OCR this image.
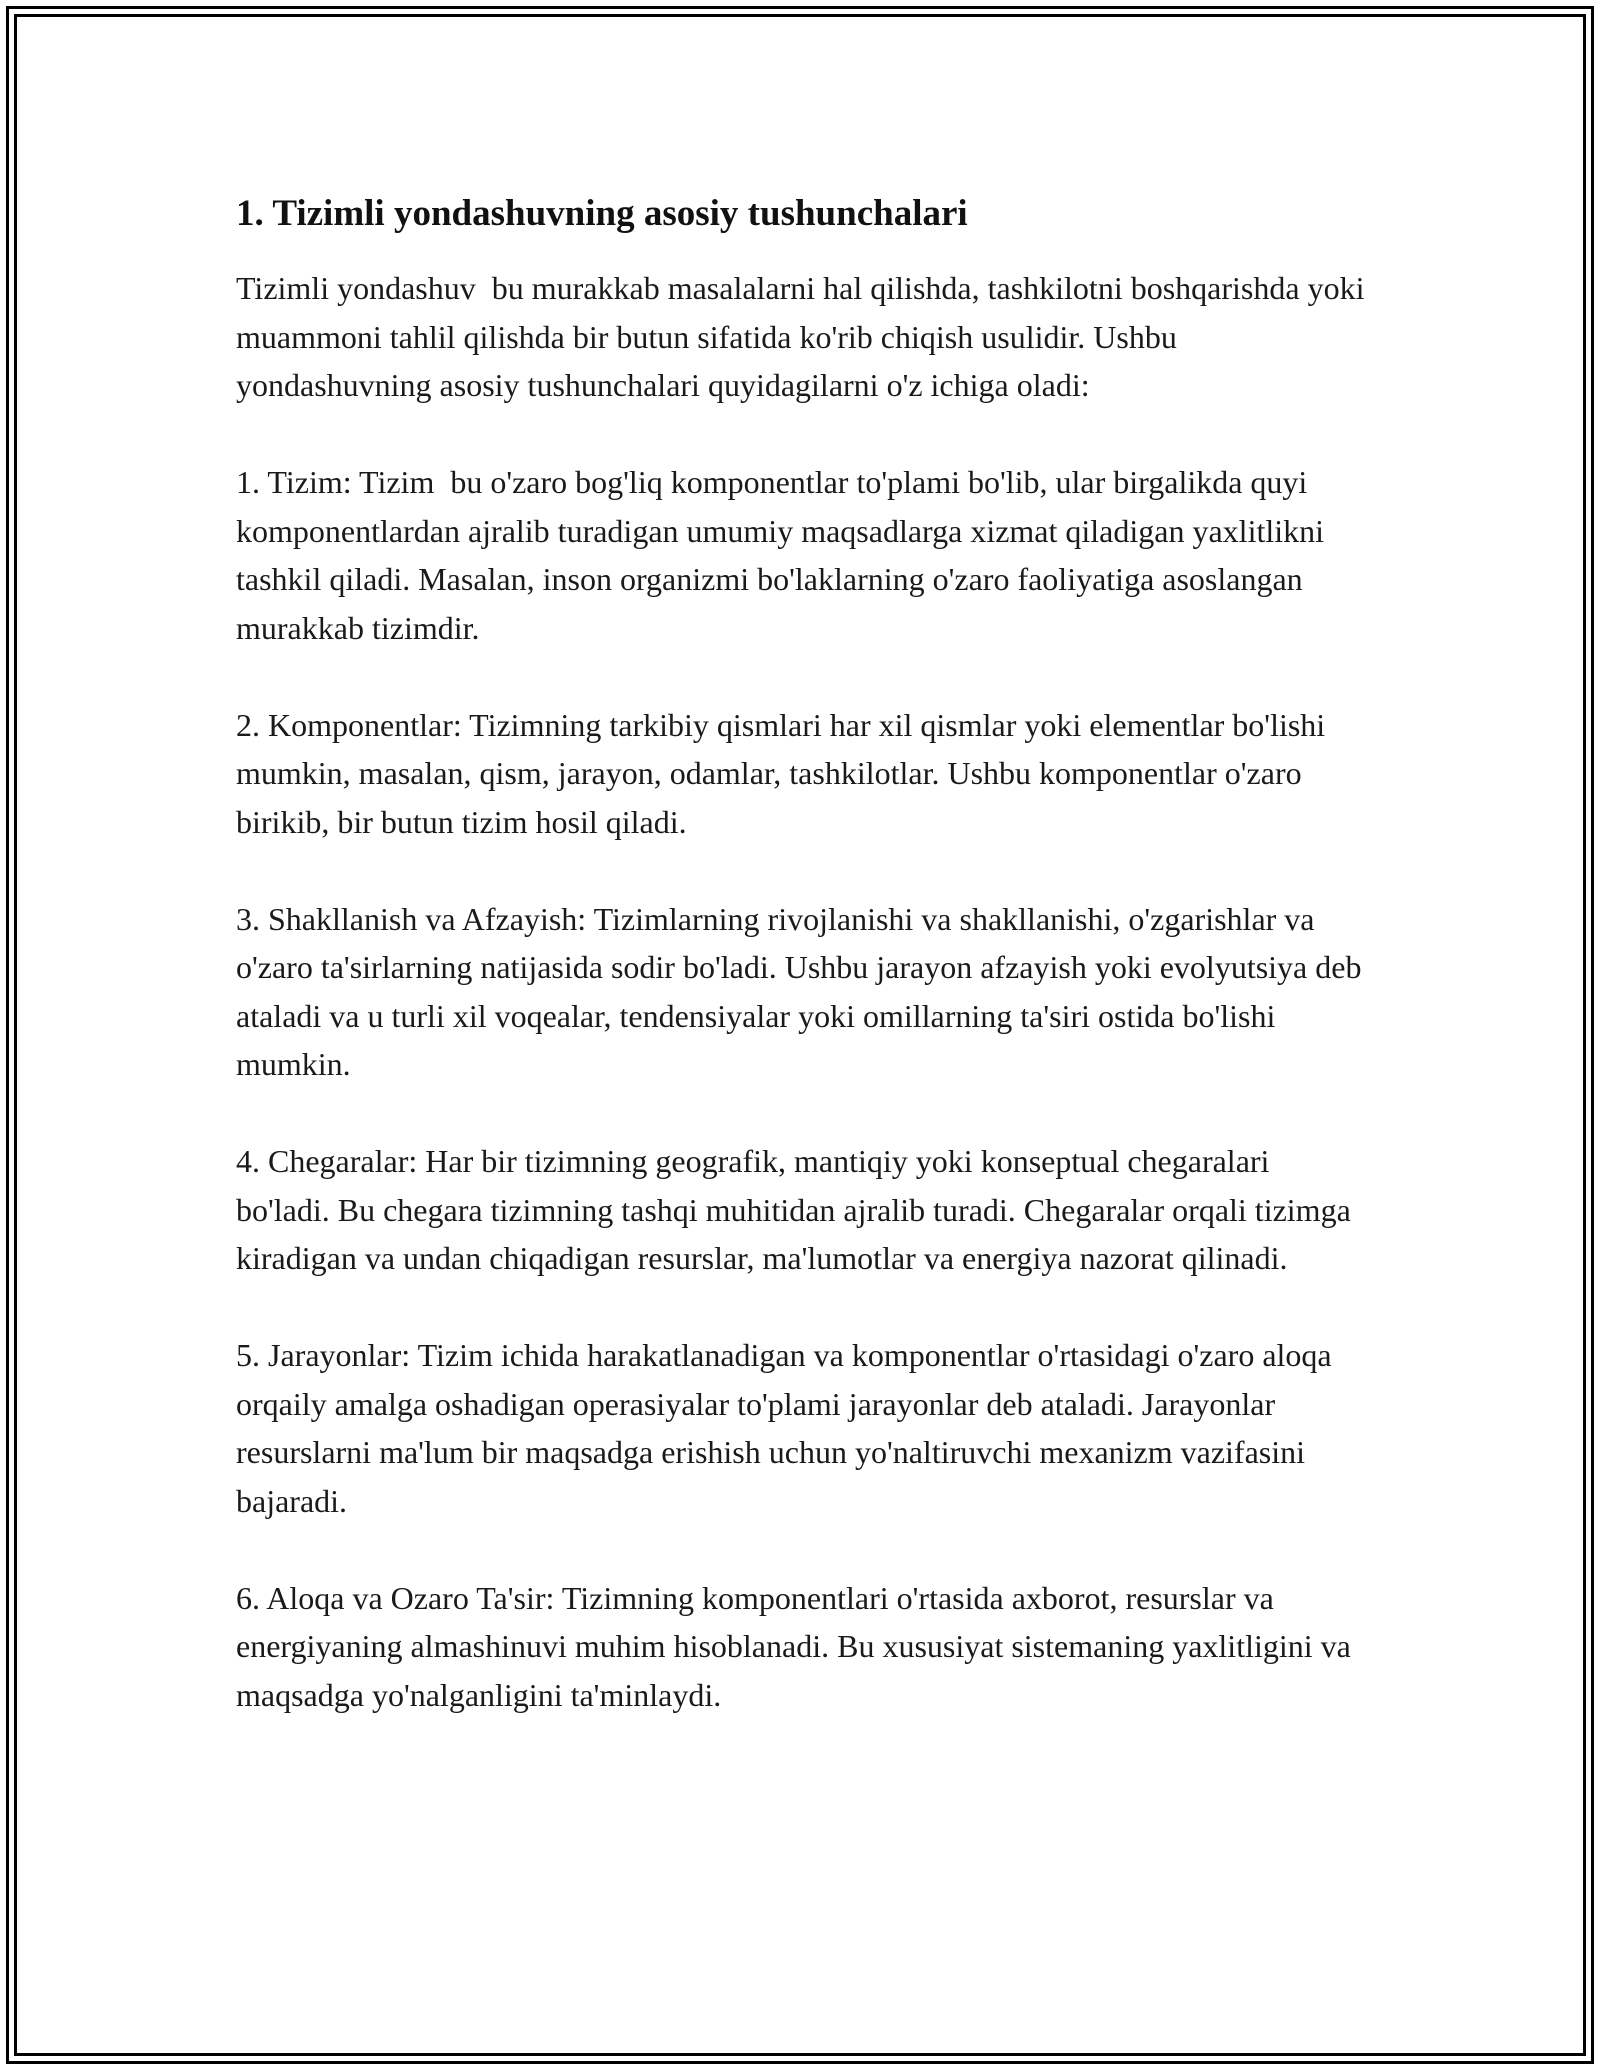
1. Tizimli yondashuvning asosiy tushunchalari

Tizimli yondashuv  bu murakkab masalalarni hal qilishda, tashkilotni boshqarishda yoki muammoni tahlil qilishda bir butun sifatida ko'rib chiqish usulidir. Ushbu yondashuvning asosiy tushunchalari quyidagilarni o'z ichiga oladi:

1. Tizim: Tizim  bu o'zaro bog'liq komponentlar to'plami bo'lib, ular birgalikda quyi komponentlardan ajralib turadigan umumiy maqsadlarga xizmat qiladigan yaxlitlikni tashkil qiladi. Masalan, inson organizmi bo'laklarning o'zaro faoliyatiga asoslangan murakkab tizimdir.

2. Komponentlar: Tizimning tarkibiy qismlari har xil qismlar yoki elementlar bo'lishi mumkin, masalan, qism, jarayon, odamlar, tashkilotlar. Ushbu komponentlar o'zaro birikib, bir butun tizim hosil qiladi.

3. Shakllanish va Afzayish: Tizimlarning rivojlanishi va shakllanishi, o'zgarishlar va o'zaro ta'sirlarning natijasida sodir bo'ladi. Ushbu jarayon afzayish yoki evolyutsiya deb ataladi va u turli xil voqealar, tendensiyalar yoki omillarning ta'siri ostida bo'lishi mumkin.

4. Chegaralar: Har bir tizimning geografik, mantiqiy yoki konseptual chegaralari bo'ladi. Bu chegara tizimning tashqi muhitidan ajralib turadi. Chegaralar orqali tizimga kiradigan va undan chiqadigan resurslar, ma'lumotlar va energiya nazorat qilinadi.

5. Jarayonlar: Tizim ichida harakatlanadigan va komponentlar o'rtasidagi o'zaro aloqa orqaily amalga oshadigan operasiyalar to'plami jarayonlar deb ataladi. Jarayonlar resurslarni ma'lum bir maqsadga erishish uchun yo'naltiruvchi mexanizm vazifasini bajaradi.

6. Aloqa va Ozaro Ta'sir: Tizimning komponentlari o'rtasida axborot, resurslar va energiyaning almashinuvi muhim hisoblanadi. Bu xususiyat sistemaning yaxlitligini va maqsadga yo'nalganligini ta'minlaydi.
